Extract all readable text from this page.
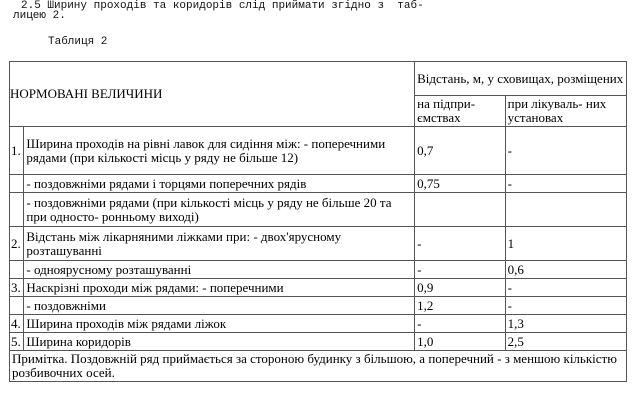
2.5 Ширину проходів та коридорів слід приймати згідно з  таб-
лицею 2.
Таблиця 2
НОРМОВАНІ ВЕЛИЧИНИ		Відстань, м, у сховищах, розміщених	
		на підпри- ємствах	при лікуваль- них установах
1.	Ширина проходів на рівні лавок для сидіння між: - поперечними рядами (при кількості місць у ряду не більше 12)	0,7	-
	- поздовжніми рядами і торцями поперечних рядів	0,75	-
	- поздовжніми рядами (при кількості місць у ряду не більше 20 та при односто- ронньому виході)		
2.	Відстань між лікарняними ліжками при: - двох'ярусному розташуванні	-	1
	- одноярусному розташуванні	-	0,6
3.	Наскрізні проходи між рядами: - поперечними	0,9	-
	- поздовжніми	1,2	-
4.	Ширина проходів між рядами ліжок	-	1,3
5.	Ширина коридорів	1,0	2,5
Примітка. Поздовжній ряд приймається за стороною будинку з більшою, а поперечний - з меншою кількістю розбивочних осей.			
